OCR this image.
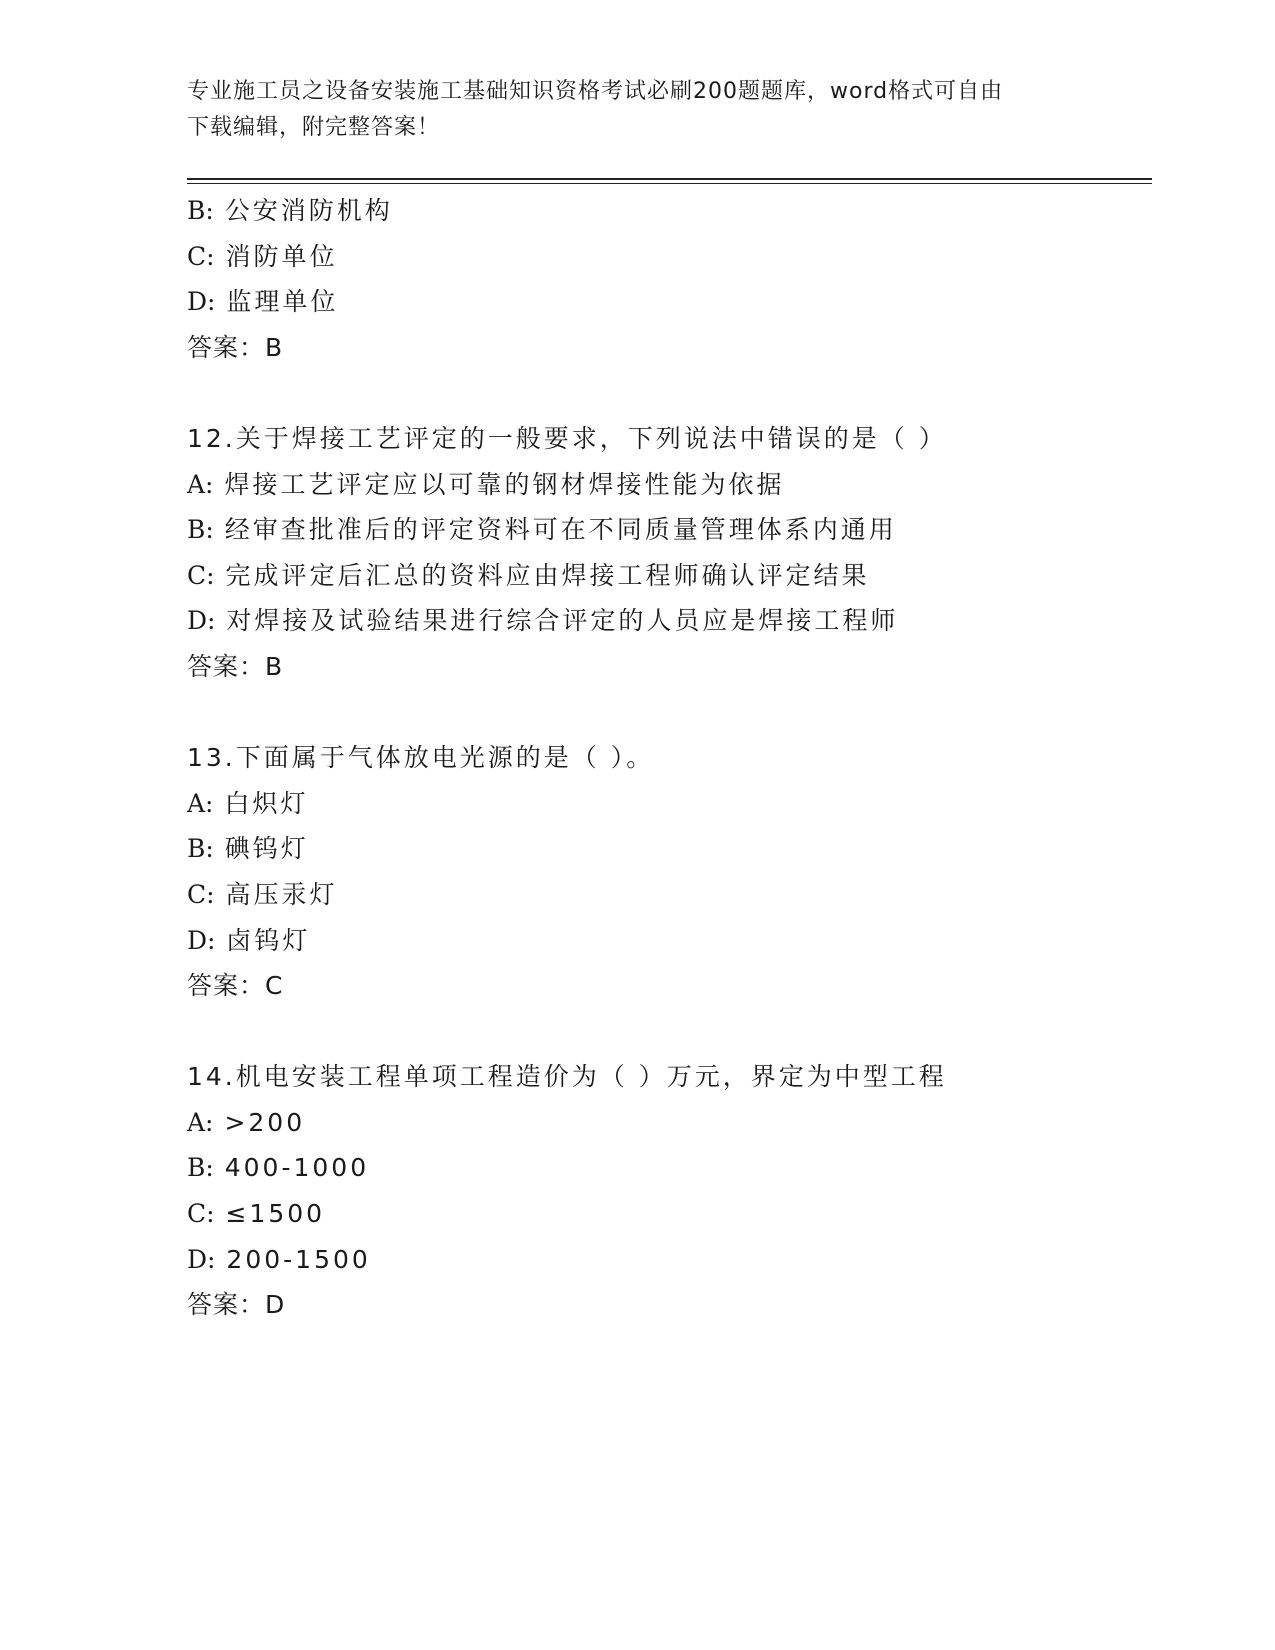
专业施工员之设备安装施工基础知识资格考试必刷200题题库，word格式可自由
下载编辑，附完整答案！
B: 公安消防机构
C: 消防单位
D: 监理单位
答案：B
12.关于焊接工艺评定的一般要求，下列说法中错误的是（ ）
A: 焊接工艺评定应以可靠的钢材焊接性能为依据
B: 经审查批准后的评定资料可在不同质量管理体系内通用
C: 完成评定后汇总的资料应由焊接工程师确认评定结果
D: 对焊接及试验结果进行综合评定的人员应是焊接工程师
答案：B
13.下面属于气体放电光源的是（ ）。
A: 白炽灯
B: 碘钨灯
C: 高压汞灯
D: 卤钨灯
答案：C
14.机电安装工程单项工程造价为（ ）万元，界定为中型工程
A: >200
B: 400-1000
C: ≤1500
D: 200-1500
答案：D
